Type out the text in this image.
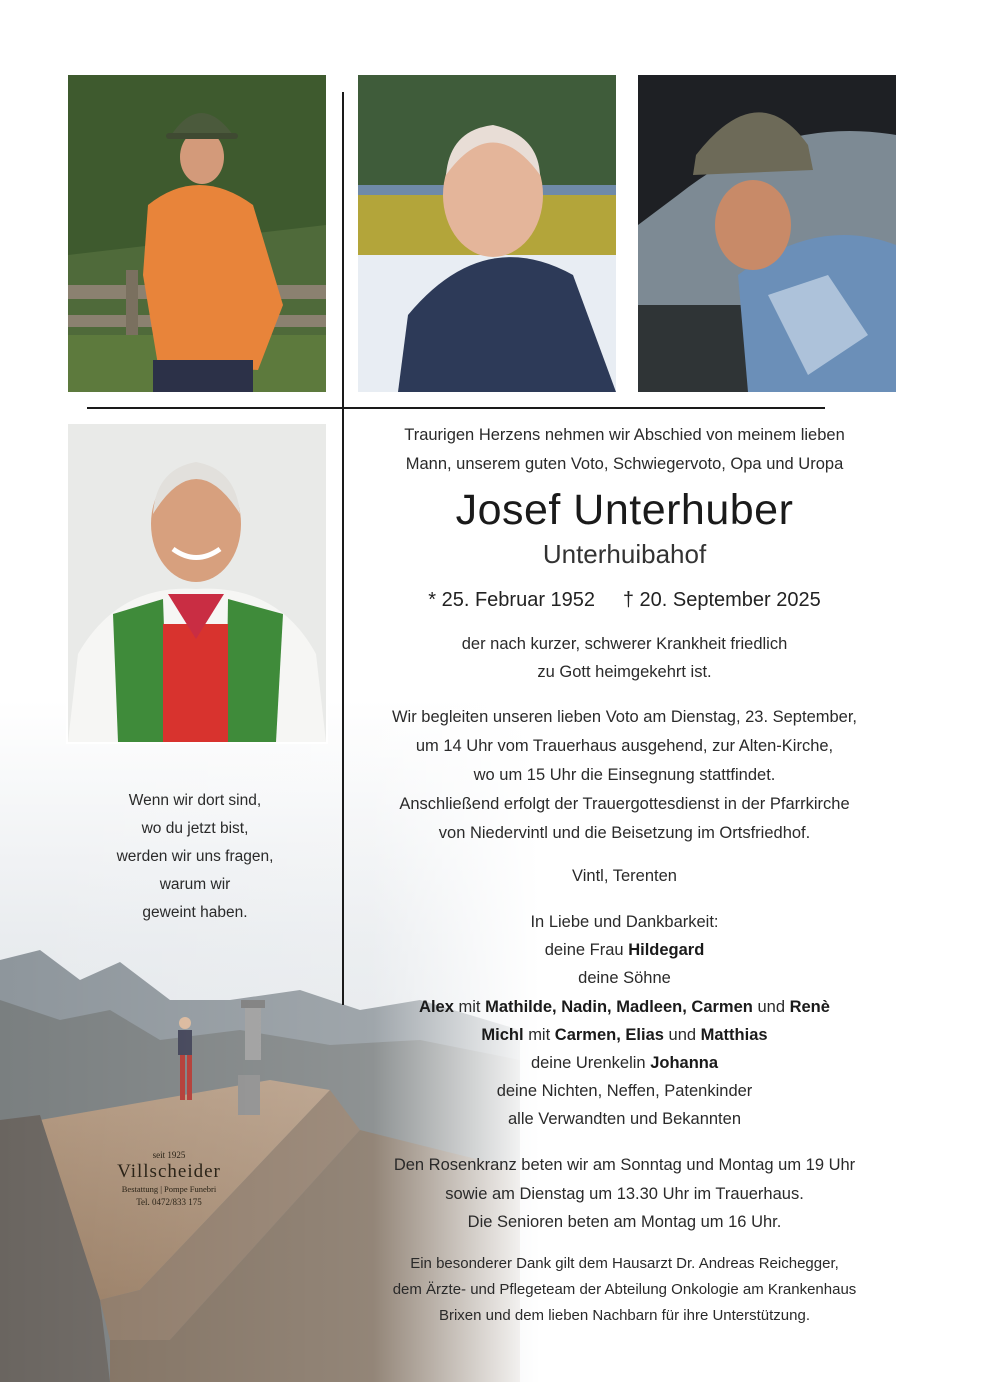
Traurigen Herzens nehmen wir Abschied von meinem lieben
Mann, unserem guten Voto, Schwiegervoto, Opa und Uropa
Josef Unterhuber
Unterhuibahof
* 25. Februar 1952 † 20. September 2025
der nach kurzer, schwerer Krankheit friedlich
zu Gott heimgekehrt ist.
Wir begleiten unseren lieben Voto am Dienstag, 23. September,
um 14 Uhr vom Trauerhaus ausgehend, zur Alten-Kirche,
wo um 15 Uhr die Einsegnung stattfindet.
Anschließend erfolgt der Trauergottesdienst in der Pfarrkirche
von Niedervintl und die Beisetzung im Ortsfriedhof.
Vintl, Terenten
In Liebe und Dankbarkeit:
deine Frau Hildegard
deine Söhne
Alex mit Mathilde, Nadin, Madleen, Carmen und Renè
Michl mit Carmen, Elias und Matthias
deine Urenkelin Johanna
deine Nichten, Neffen, Patenkinder
alle Verwandten und Bekannten
Den Rosenkranz beten wir am Sonntag und Montag um 19 Uhr
sowie am Dienstag um 13.30 Uhr im Trauerhaus.
Die Senioren beten am Montag um 16 Uhr.
Ein besonderer Dank gilt dem Hausarzt Dr. Andreas Reichegger,
dem Ärzte- und Pflegeteam der Abteilung Onkologie am Krankenhaus
Brixen und dem lieben Nachbarn für ihre Unterstützung.
Wenn wir dort sind,
wo du jetzt bist,
werden wir uns fragen,
warum wir
geweint haben.
seit 1925
Villscheider
Bestattung | Pompe Funebri
Tel. 0472/833 175
